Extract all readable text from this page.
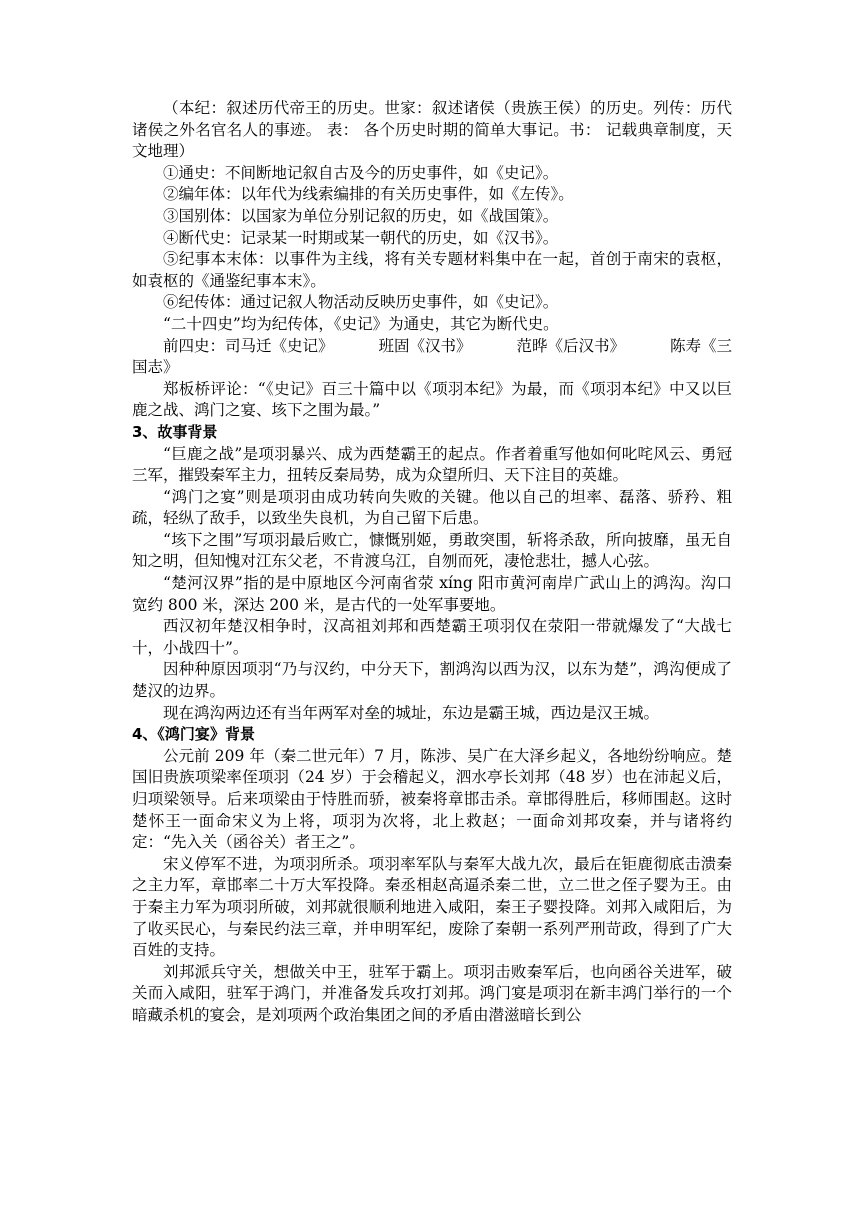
（本纪：叙述历代帝王的历史。世家：叙述诸侯（贵族王侯）的历史。列传：历代诸侯之外名官名人的事迹。 表： 各个历史时期的简单大事记。书： 记载典章制度，天文地理）

①通史：不间断地记叙自古及今的历史事件，如《史记》。

②编年体：以年代为线索编排的有关历史事件，如《左传》。

③国别体：以国家为单位分别记叙的历史，如《战国策》。

④断代史：记录某一时期或某一朝代的历史，如《汉书》。

⑤纪事本末体：以事件为主线，将有关专题材料集中在一起，首创于南宋的袁枢，如袁枢的《通鉴纪事本末》。

⑥纪传体：通过记叙人物活动反映历史事件，如《史记》。

“二十四史”均为纪传体，《史记》为通史，其它为断代史。

前四史：司马迁《史记》	班固《汉书》	范晔《后汉书》	陈寿《三

国志》

郑板桥评论：“《史记》百三十篇中以《项羽本纪》为最，而《项羽本纪》中又以巨鹿之战、鸿门之宴、垓下之围为最。”

3、故事背景

“巨鹿之战”是项羽暴兴、成为西楚霸王的起点。作者着重写他如何叱咤风云、勇冠三军，摧毁秦军主力，扭转反秦局势，成为众望所归、天下注目的英雄。

“鸿门之宴”则是项羽由成功转向失败的关键。他以自己的坦率、磊落、骄矜、粗疏，轻纵了敌手，以致坐失良机，为自己留下后患。

“垓下之围”写项羽最后败亡，慷慨别姬，勇敢突围，斩将杀敌，所向披靡，虽无自知之明，但知愧对江东父老，不肯渡乌江，自刎而死，凄怆悲壮，撼人心弦。

“楚河汉界”指的是中原地区今河南省荥 xíng 阳市黄河南岸广武山上的鸿沟。沟口宽约 800 米，深达 200 米，是古代的一处军事要地。

西汉初年楚汉相争时，汉高祖刘邦和西楚霸王项羽仅在荥阳一带就爆发了“大战七十，小战四十”。

因种种原因项羽“乃与汉约，中分天下，割鸿沟以西为汉，以东为楚”，鸿沟便成了楚汉的边界。

现在鸿沟两边还有当年两军对垒的城址，东边是霸王城，西边是汉王城。

4、《鸿门宴》背景

公元前 209 年（秦二世元年）7 月，陈涉、吴广在大泽乡起义，各地纷纷响应。楚国旧贵族项梁率侄项羽（24 岁）于会稽起义，泗水亭长刘邦（48 岁）也在沛起义后，归项梁领导。后来项梁由于恃胜而骄，被秦将章邯击杀。章邯得胜后，移师围赵。这时楚怀王一面命宋义为上将，项羽为次将，北上救赵；一面命刘邦攻秦，并与诸将约定：“先入关（函谷关）者王之”。

宋义停军不进，为项羽所杀。项羽率军队与秦军大战九次，最后在钜鹿彻底击溃秦之主力军，章邯率二十万大军投降。秦丞相赵高逼杀秦二世，立二世之侄子婴为王。由于秦主力军为项羽所破，刘邦就很顺利地进入咸阳，秦王子婴投降。刘邦入咸阳后，为了收买民心，与秦民约法三章，并申明军纪，废除了秦朝一系列严刑苛政，得到了广大百姓的支持。

刘邦派兵守关，想做关中王，驻军于霸上。项羽击败秦军后，也向函谷关进军，破关而入咸阳，驻军于鸿门，并准备发兵攻打刘邦。鸿门宴是项羽在新丰鸿门举行的一个暗藏杀机的宴会，是刘项两个政治集团之间的矛盾由潜滋暗长到公
